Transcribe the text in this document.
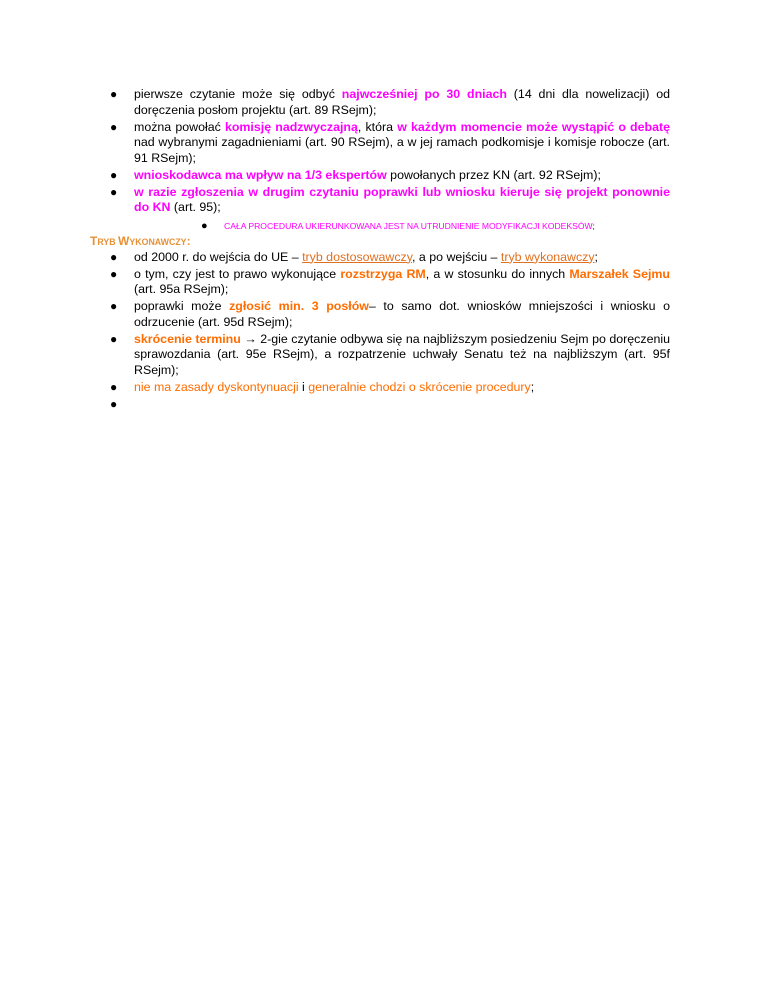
●	pierwsze czytanie może się odbyć najwcześniej po 30 dniach (14 dni dla nowelizacji) od doręczenia posłom projektu (art. 89 RSejm);
●	można powołać komisję nadzwyczajną, która w każdym momencie może wystąpić o debatę nad wybranymi zagadnieniami (art. 90 RSejm), a w jej ramach podkomisje i komisje robocze (art. 91 RSejm);
●	wnioskodawca ma wpływ na 1/3 ekspertów powołanych przez KN (art. 92 RSejm);
●	w razie zgłoszenia w drugim czytaniu poprawki lub wniosku kieruje się projekt ponownie do KN (art. 95);
●	CAŁA PROCEDURA UKIERUNKOWANA JEST NA UTRUDNIENIE MODYFIKACJI KODEKSÓW;
TRYB WYKONAWCZY:
●	od 2000 r. do wejścia do UE – tryb dostosowawczy, a po wejściu – tryb wykonawczy;
●	o tym, czy jest to prawo wykonujące rozstrzyga RM, a w stosunku do innych Marszałek Sejmu (art. 95a RSejm);
●	poprawki może zgłosić min. 3 posłów– to samo dot. wniosków mniejszości i wniosku o odrzucenie (art. 95d RSejm);
●	skrócenie terminu → 2-gie czytanie odbywa się na najbliższym posiedzeniu Sejm po doręczeniu sprawozdania (art. 95e RSejm), a rozpatrzenie uchwały Senatu też na najbliższym (art. 95f RSejm);
●	nie ma zasady dyskontynuacji i generalnie chodzi o skrócenie procedury;
●
